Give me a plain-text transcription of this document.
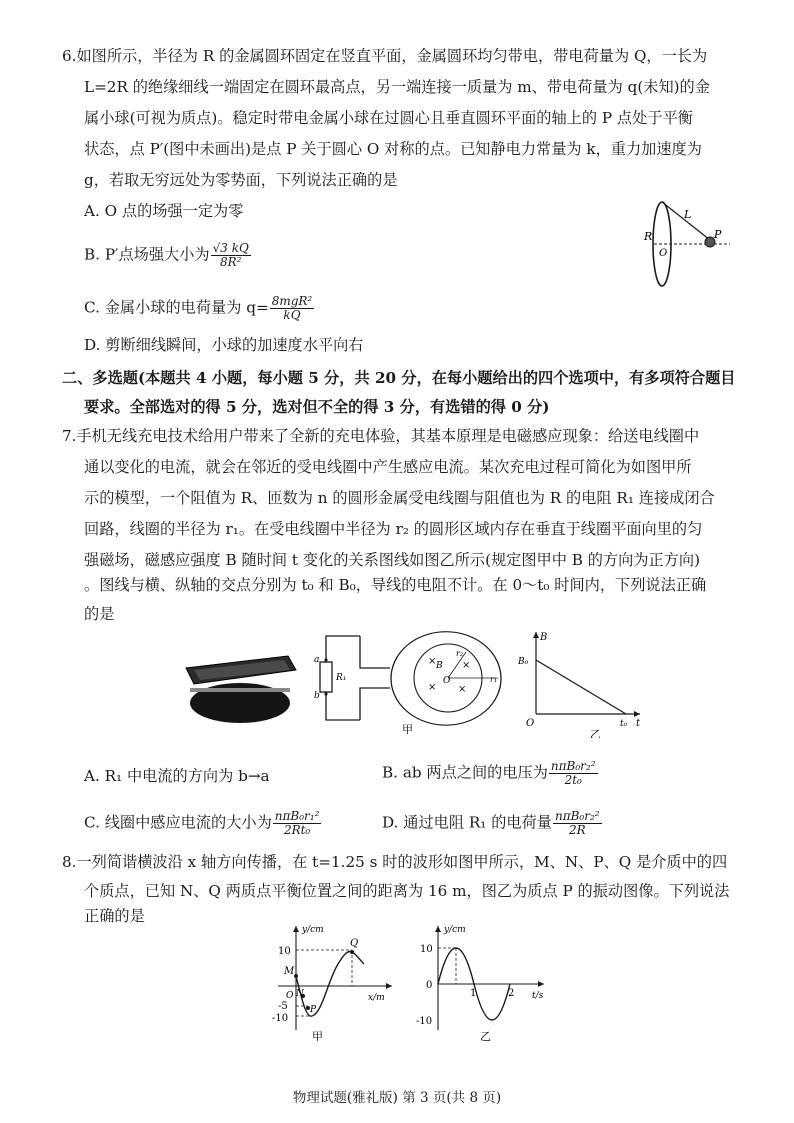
6.如图所示，半径为 R 的金属圆环固定在竖直平面，金属圆环均匀带电，带电荷量为 Q，一长为
L=2R 的绝缘细线一端固定在圆环最高点，另一端连接一质量为 m、带电荷量为 q(未知)的金
属小球(可视为质点)。稳定时带电金属小球在过圆心且垂直圆环平面的轴上的 P 点处于平衡
状态，点 P′(图中未画出)是点 P 关于圆心 O 对称的点。已知静电力常量为 k，重力加速度为
g，若取无穷远处为零势面，下列说法正确的是
A. O 点的场强一定为零
B. P′点场强大小为 $\frac{√3 kQ}{\text{8R²}}$
C. 金属小球的电荷量为 $q= \frac{\text{8mgR²}}{kQ}$
D. 剪断细线瞬间，小球的加速度水平向右
R
L
O
P
二、多选题(本题共 4 小题，每小题 5 分，共 20 分，在每小题给出的四个选项中，有多项符合题目
要求。全部选对的得 5 分，选对但不全的得 3 分，有选错的得 0 分)
7.手机无线充电技术给用户带来了全新的充电体验，其基本原理是电磁感应现象：给送电线圈中
通以变化的电流，就会在邻近的受电线圈中产生感应电流。某次充电过程可简化为如图甲所
示的模型，一个阻值为 R、匝数为 n 的圆形金属受电线圈与阻值也为 R 的电阻 R₁ 连接成闭合
回路，线圈的半径为 r₁。在受电线圈中半径为 r₂ 的圆形区域内存在垂直于线圈平面向里的匀
强磁场，磁感应强度 B 随时间 t 变化的关系图线如图乙所示(规定图甲中 B 的方向为正方向)
。图线与横、纵轴的交点分别为 t₀ 和 B₀，导线的电阻不计。在 0～t₀ 时间内，下列说法正确
的是
a
b
R₁
×	×
× ×
B
r₂
r₁
O
甲
B
B₀
O	t₀ t
乙
A. R₁ 中电流的方向为 b→a	B. ab 两点之间的电压为 $\frac{\text{nπB₀r₂²}}{\text{2t₀}}$
C. 线圈中感应电流的大小为 $\frac{\text{nπB₀r₁²}}{\text{2Rt₀}}$	D. 通过电阻 R₁ 的电荷量 $\frac{\text{nπB₀r₂²}}{2R}$
8.一列简谐横波沿 x 轴方向传播，在 t=1.25 s 时的波形如图甲所示，M、N、P、Q 是介质中的四
个质点，已知 N、Q 两质点平衡位置之间的距离为 16 m，图乙为质点 P 的振动图像。下列说法
正确的是
y/cm
x/m
10
-5
-10
M
N
P
Q
O
甲
y/cm
t/s
10
0
-10
1	2
乙
物理试题(雅礼版) 第 3 页(共 8 页)
